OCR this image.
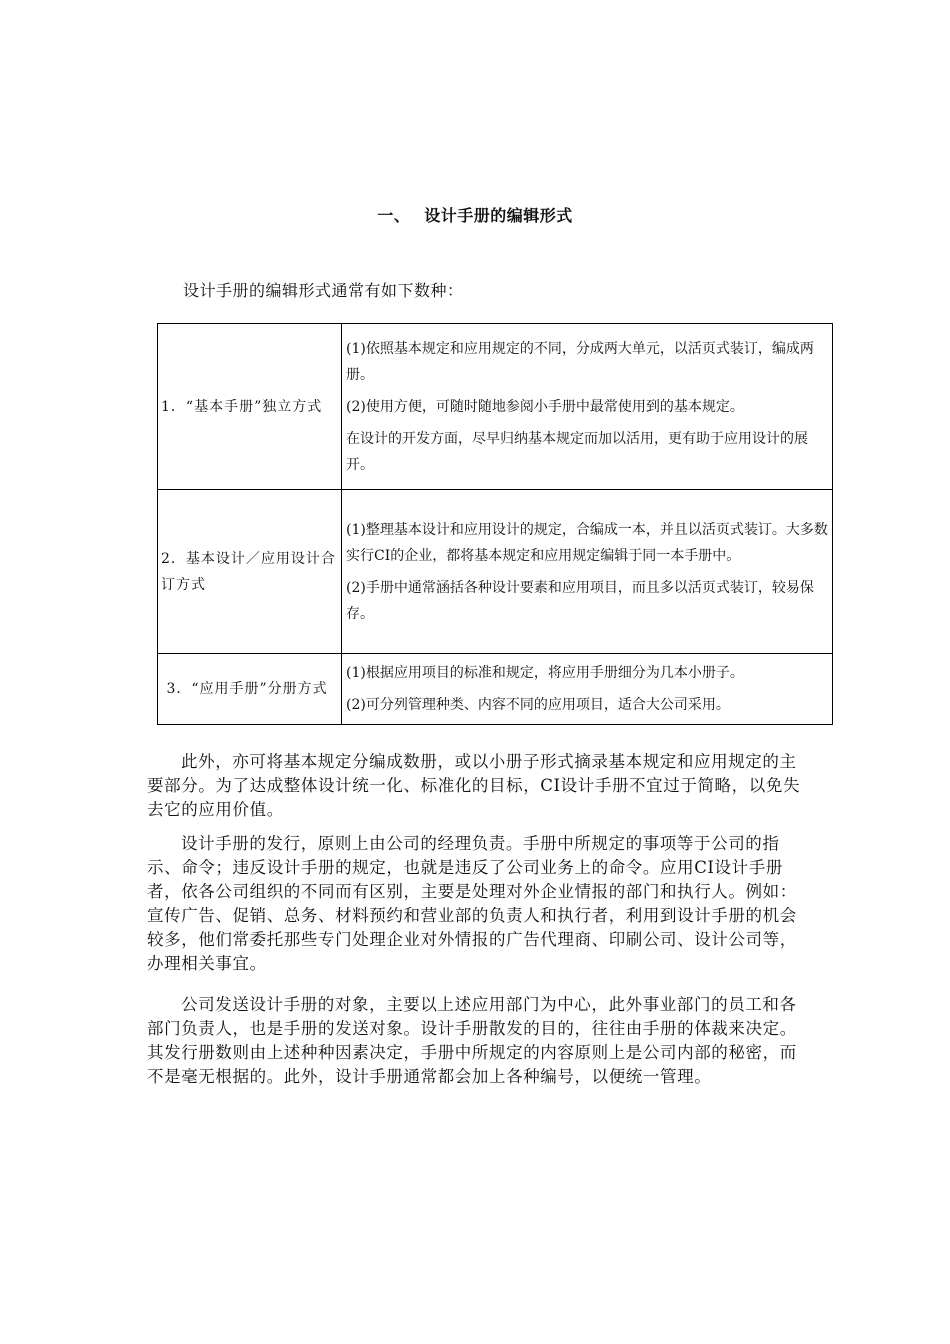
一、 设计手册的编辑形式
设计手册的编辑形式通常有如下数种：
1．“基本手册”独立方式	(1)依照基本规定和应用规定的不同，分成两大单元，以活页式装订，编成两册。

(2)使用方便，可随时随地参阅小手册中最常使用到的基本规定。

在设计的开发方面，尽早归纳基本规定而加以活用，更有助于应用设计的展开。

2．基本设计／应用设计合订方式	(1)整理基本设计和应用设计的规定，合编成一本，并且以活页式装订。大多数实行CI的企业，都将基本规定和应用规定编辑于同一本手册中。

(2)手册中通常涵括各种设计要素和应用项目，而且多以活页式装订，较易保存。

3．“应用手册”分册方式	(1)根据应用项目的标准和规定，将应用手册细分为几本小册子。

(2)可分列管理种类、内容不同的应用项目，适合大公司采用。

此外，亦可将基本规定分编成数册，或以小册子形式摘录基本规定和应用规定的主要部分。为了达成整体设计统一化、标准化的目标，CI设计手册不宜过于简略，以免失去它的应用价值。

设计手册的发行，原则上由公司的经理负责。手册中所规定的事项等于公司的指示、命令；违反设计手册的规定，也就是违反了公司业务上的命令。应用CI设计手册者，依各公司组织的不同而有区别，主要是处理对外企业情报的部门和执行人。例如：宣传广告、促销、总务、材料预约和营业部的负责人和执行者，利用到设计手册的机会较多，他们常委托那些专门处理企业对外情报的广告代理商、印刷公司、设计公司等，办理相关事宜。

公司发送设计手册的对象，主要以上述应用部门为中心，此外事业部门的员工和各部门负责人，也是手册的发送对象。设计手册散发的目的，往往由手册的体裁来决定。其发行册数则由上述种种因素决定，手册中所规定的内容原则上是公司内部的秘密，而不是毫无根据的。此外，设计手册通常都会加上各种编号，以便统一管理。
